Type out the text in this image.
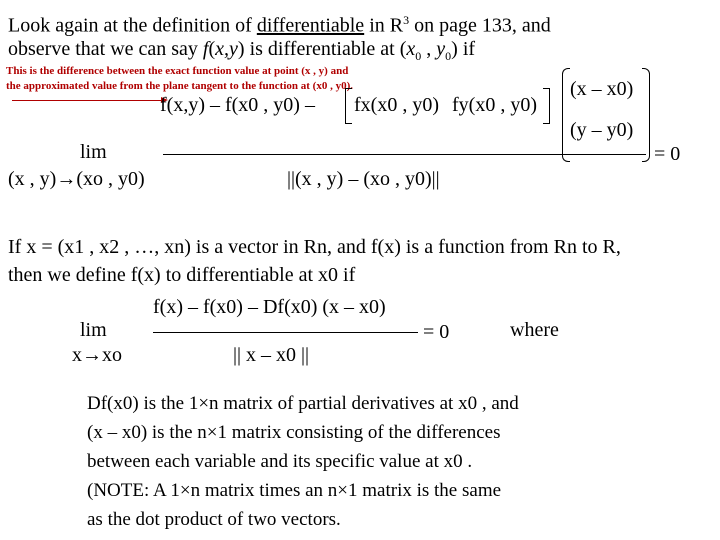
Look again at the definition of differentiable in $R^3$ on page 133, and
observe that we can say f(x,y) is differentiable at ($x_0$ , $y_0$) if
This is the difference between the exact function value at point (x , y) and
the approximated value from the plane tangent to the function at (x0 , y0).
f(x,y) – f(x0 , y0) – fx(x0 , y0) fy(x0 , y0)
(x – x0)
(y – y0)
lim
(x , y)→(xo , y0)
= 0
||(x , y) – (xo , y0)||
If x = (x1 , x2 , …, xn) is a vector in Rn, and f(x) is a function from Rn to R,
then we define f(x) to differentiable at x0 if
f(x) – f(x0) – Df(x0) (x – x0)
= 0	where
lim
x→xo	|| x – x0 ||
Df(x0) is the 1×n matrix of partial derivatives at x0 , and
(x – x0) is the n×1 matrix consisting of the differences
between each variable and its specific value at x0 .
(NOTE: A 1×n matrix times an n×1 matrix is the same
as the dot product of two vectors.
